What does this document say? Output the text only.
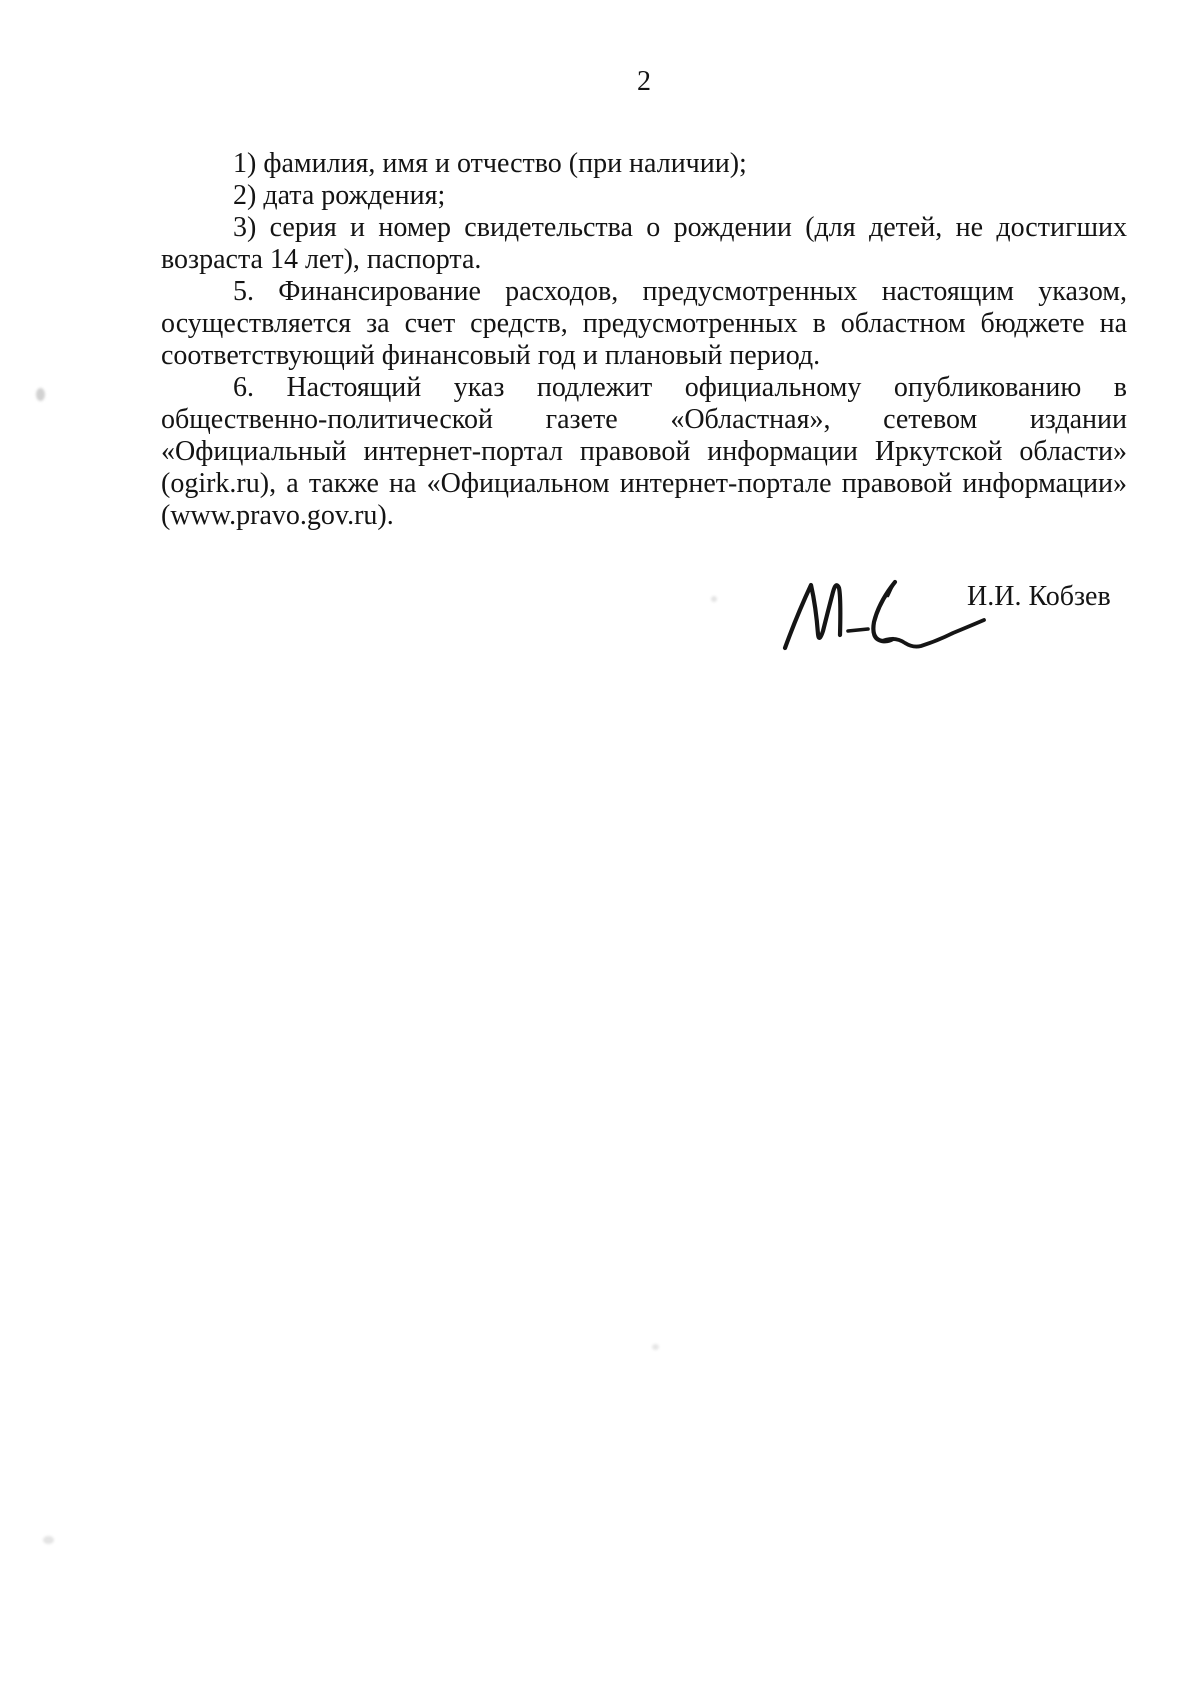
2
1) фамилия, имя и отчество (при наличии);
2) дата рождения;
3) серия и номер свидетельства о рождении (для детей, не достигших
возраста 14 лет), паспорта.
5. Финансирование расходов, предусмотренных настоящим указом,
осуществляется за счет средств, предусмотренных в областном бюджете на
соответствующий финансовый год и плановый период.
6. Настоящий указ подлежит официальному опубликованию в
общественно-политической газете «Областная», сетевом издании
«Официальный интернет-портал правовой информации Иркутской области»
(ogirk.ru), а также на «Официальном интернет-портале правовой информации»
(www.pravo.gov.ru).
И.И. Кобзев
